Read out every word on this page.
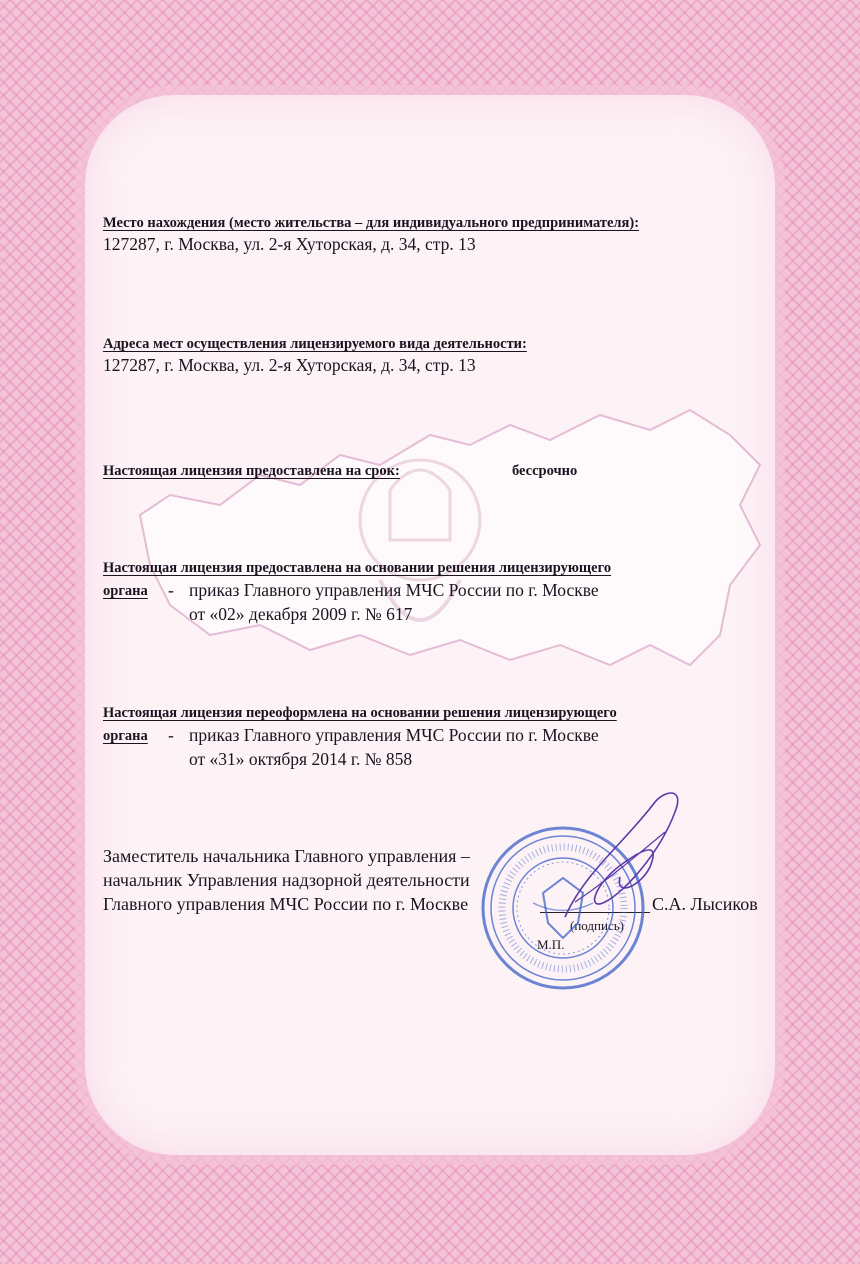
Место нахождения (место жительства – для индивидуального предпринимателя):
127287, г. Москва, ул. 2-я Хуторская, д. 34, стр. 13
Адреса мест осуществления лицензируемого вида деятельности:
127287, г. Москва, ул. 2-я Хуторская, д. 34, стр. 13
Настоящая лицензия предоставлена на срок:	бессрочно
Настоящая лицензия предоставлена на основании решения лицензирующего
органа - приказ Главного управления МЧС России по г. Москве
от «02» декабря 2009 г. № 617
Настоящая лицензия переоформлена на основании решения лицензирующего
органа - приказ Главного управления МЧС России по г. Москве
от «31» октября 2014 г. № 858
Заместитель начальника Главного управления –
начальник Управления надзорной деятельности
Главного управления МЧС России по г. Москве	С.А. Лысиков
(подпись)
М.П.
